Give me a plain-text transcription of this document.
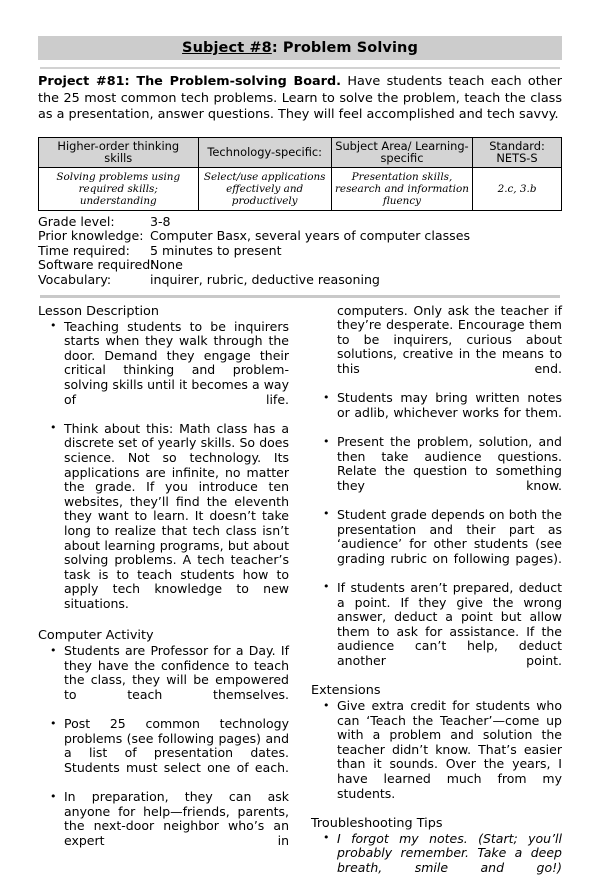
Subject #8: Problem Solving

Project #81: The Problem-solving Board. Have students teach each other the 25 most common tech problems. Learn to solve the problem, teach the class as a presentation, answer questions. They will feel accomplished and tech savvy.

Higher-order thinking skills	Technology-specific:	Subject Area/ Learning-specific	Standard: NETS-S
Solving problems using required skills; understanding	Select/use applications effectively and productively	Presentation skills, research and information fluency	2.c, 3.b
Grade level:	3-8
Prior knowledge: Computer Basx, several years of computer classes
Time required:	5 minutes to present
Software required:
None
Vocabulary:	inquirer, rubric, deductive reasoning
Lesson Description
• Teaching students to be inquirers starts when they walk through the door. Demand they engage their critical thinking and problem-solving skills until it becomes a way of life.
• Think about this: Math class has a discrete set of yearly skills. So does science. Not so technology. Its applications are infinite, no matter the grade. If you introduce ten websites, they’ll find the eleventh they want to learn. It doesn’t take long to realize that tech class isn’t about learning programs, but about solving problems. A tech teacher’s task is to teach students how to apply tech knowledge to new situations.
Computer Activity
• Students are Professor for a Day. If they have the confidence to teach the class, they will be empowered to teach themselves.
• Post 25 common technology problems (see following pages) and a list of presentation dates. Students must select one of each.
• In preparation, they can ask anyone for help—friends, parents, the next-door neighbor who’s an expert in
computers. Only ask the teacher if they’re desperate. Encourage them to be inquirers, curious about solutions, creative in the means to this end.
• Students may bring written notes or adlib, whichever works for them.
• Present the problem, solution, and then take audience questions. Relate the question to something they know.
• Student grade depends on both the presentation and their part as ‘audience’ for other students (see grading rubric on following pages).
• If students aren’t prepared, deduct a point. If they give the wrong answer, deduct a point but allow them to ask for assistance. If the audience can’t help, deduct another point.
Extensions
• Give extra credit for students who can ‘Teach the Teacher’—come up with a problem and solution the teacher didn’t know. That’s easier than it sounds. Over the years, I have learned much from my students.
Troubleshooting Tips
• I forgot my notes. (Start; you’ll probably remember. Take a deep breath, smile and go!)
